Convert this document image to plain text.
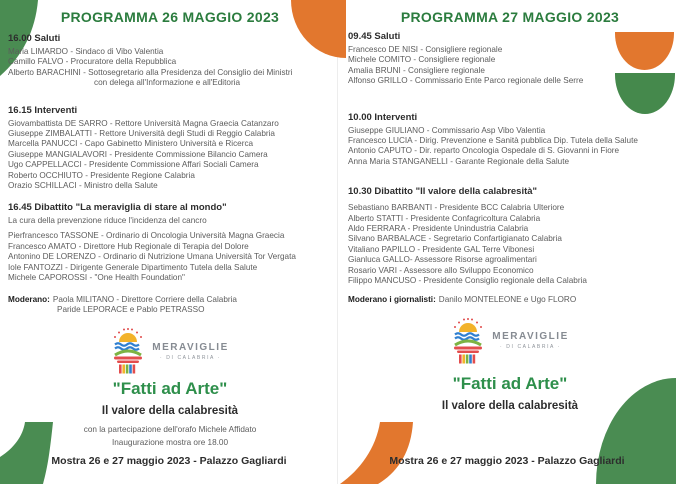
PROGRAMMA 26 MAGGIO 2023
16.00 Saluti
Maria LIMARDO - Sindaco di Vibo Valentia
Camillo FALVO - Procuratore della Repubblica
Alberto BARACHINI - Sottosegretario alla Presidenza del Consiglio dei Ministri
con delega all'Informazione e all'Editoria
16.15 Interventi
Giovambattista DE SARRO - Rettore Università Magna Graecia Catanzaro
Giuseppe ZIMBALATTI - Rettore Università degli Studi di Reggio Calabria
Marcella PANUCCI - Capo Gabinetto Ministero Università e Ricerca
Giuseppe MANGIALAVORI - Presidente Commissione Bilancio Camera
Ugo CAPPELLACCI - Presidente Commissione Affari Sociali Camera
Roberto OCCHIUTO - Presidente Regione Calabria
Orazio SCHILLACI - Ministro della Salute
16.45 Dibattito "La meraviglia di stare al mondo"
La cura della prevenzione riduce l'incidenza del cancro
Pierfrancesco TASSONE - Ordinario di Oncologia Università Magna Graecia
Francesco AMATO - Direttore Hub Regionale di Terapia del Dolore
Antonino DE LORENZO - Ordinario di Nutrizione Umana Università Tor Vergata
Iole FANTOZZI - Dirigente Generale Dipartimento Tutela della Salute
Michele CAPOROSSI - "One Health Foundation"
Moderano: Paola MILITANO - Direttore Corriere della Calabria
Paride LEPORACE e Pablo PETRASSO
MERAVIGLIE
· DI CALABRIA ·
"Fatti ad Arte"
Il valore della calabresità
con la partecipazione dell'orafo Michele Affidato
Inaugurazione mostra ore 18.00
Mostra 26 e 27 maggio 2023 - Palazzo Gagliardi
PROGRAMMA 27 MAGGIO 2023
09.45 Saluti
Francesco DE NISI - Consigliere regionale
Michele COMITO - Consigliere regionale
Amalia BRUNI - Consigliere regionale
Alfonso GRILLO - Commissario Ente Parco regionale delle Serre
10.00 Interventi
Giuseppe GIULIANO - Commissario Asp Vibo Valentia
Francesco LUCIA - Dirig. Prevenzione e Sanità pubblica Dip. Tutela della Salute
Antonio CAPUTO - Dir. reparto Oncologia Ospedale di S. Giovanni in Fiore
Anna Maria STANGANELLI - Garante Regionale della Salute
10.30 Dibattito "Il valore della calabresità"
Sebastiano BARBANTI - Presidente BCC Calabria Ulteriore
Alberto STATTI - Presidente Confagricoltura Calabria
Aldo FERRARA - Presidente Unindustria Calabria
Silvano BARBALACE - Segretario Confartigianato Calabria
Vitaliano PAPILLO - Presidente GAL Terre Vibonesi
Gianluca GALLO- Assessore Risorse agroalimentari
Rosario VARI - Assessore allo Sviluppo Economico
Filippo MANCUSO - Presidente Consiglio regionale della Calabria
Moderano i giornalisti: Danilo MONTELEONE e Ugo FLORO
MERAVIGLIE
· DI CALABRIA ·
"Fatti ad Arte"
Il valore della calabresità
Mostra 26 e 27 maggio 2023 - Palazzo Gagliardi
